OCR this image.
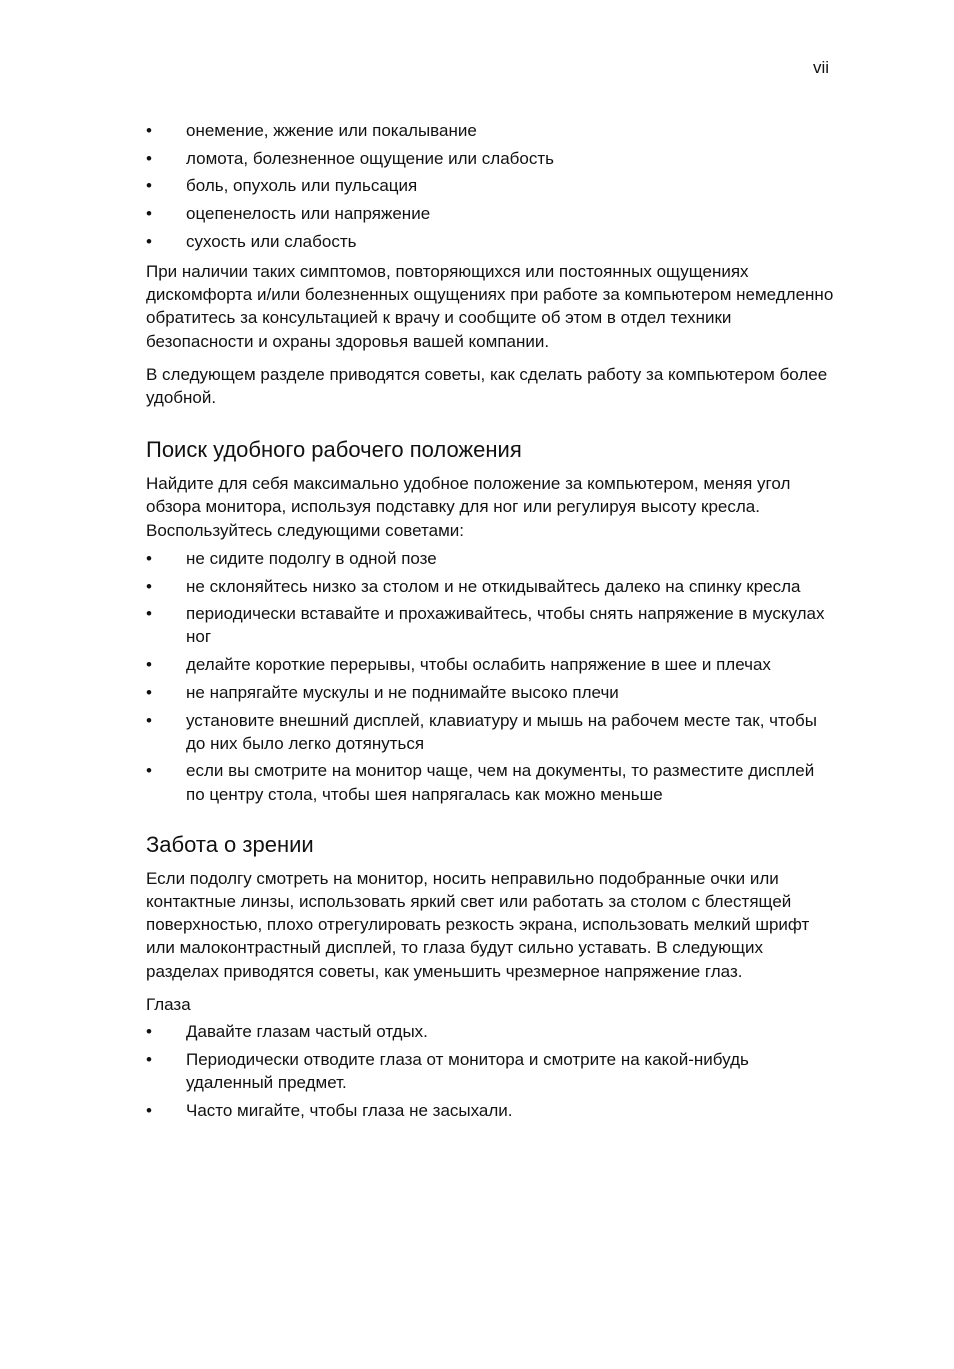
vii
•	онемение, жжение или покалывание
•	ломота, болезненное ощущение или слабость
•	боль, опухоль или пульсация
•	оцепенелость или напряжение
•	сухость или слабость

При наличии таких симптомов, повторяющихся или постоянных ощущениях дискомфорта и/или болезненных ощущениях при работе за компьютером немедленно обратитесь за консультацией к врачу и сообщите об этом в отдел техники безопасности и охраны здоровья вашей компании.

В следующем разделе приводятся советы, как сделать работу за компьютером более удобной.

Поиск удобного рабочего положения

Найдите для себя максимально удобное положение за компьютером, меняя угол обзора монитора, используя подставку для ног или регулируя высоту кресла. Воспользуйтесь следующими советами:

•	не сидите подолгу в одной позе
•	не склоняйтесь низко за столом и не откидывайтесь далеко на спинку кресла
•	периодически вставайте и прохаживайтесь, чтобы снять напряжение в мускулах ног
•	делайте короткие перерывы, чтобы ослабить напряжение в шее и плечах
•	не напрягайте мускулы и не поднимайте высоко плечи
•	установите внешний дисплей, клавиатуру и мышь на рабочем месте так, чтобы до них было легко дотянуться
•	если вы смотрите на монитор чаще, чем на документы, то разместите дисплей по центру стола, чтобы шея напрягалась как можно меньше
Забота о зрении

Если подолгу смотреть на монитор, носить неправильно подобранные очки или контактные линзы, использовать яркий свет или работать за столом с блестящей поверхностью, плохо отрегулировать резкость экрана, использовать мелкий шрифт или малоконтрастный дисплей, то глаза будут сильно уставать. В следующих разделах приводятся советы, как уменьшить чрезмерное напряжение глаз.

Глаза

•	Давайте глазам частый отдых.
•	Периодически отводите глаза от монитора и смотрите на какой-нибудь удаленный предмет.
•	Часто мигайте, чтобы глаза не засыхали.
